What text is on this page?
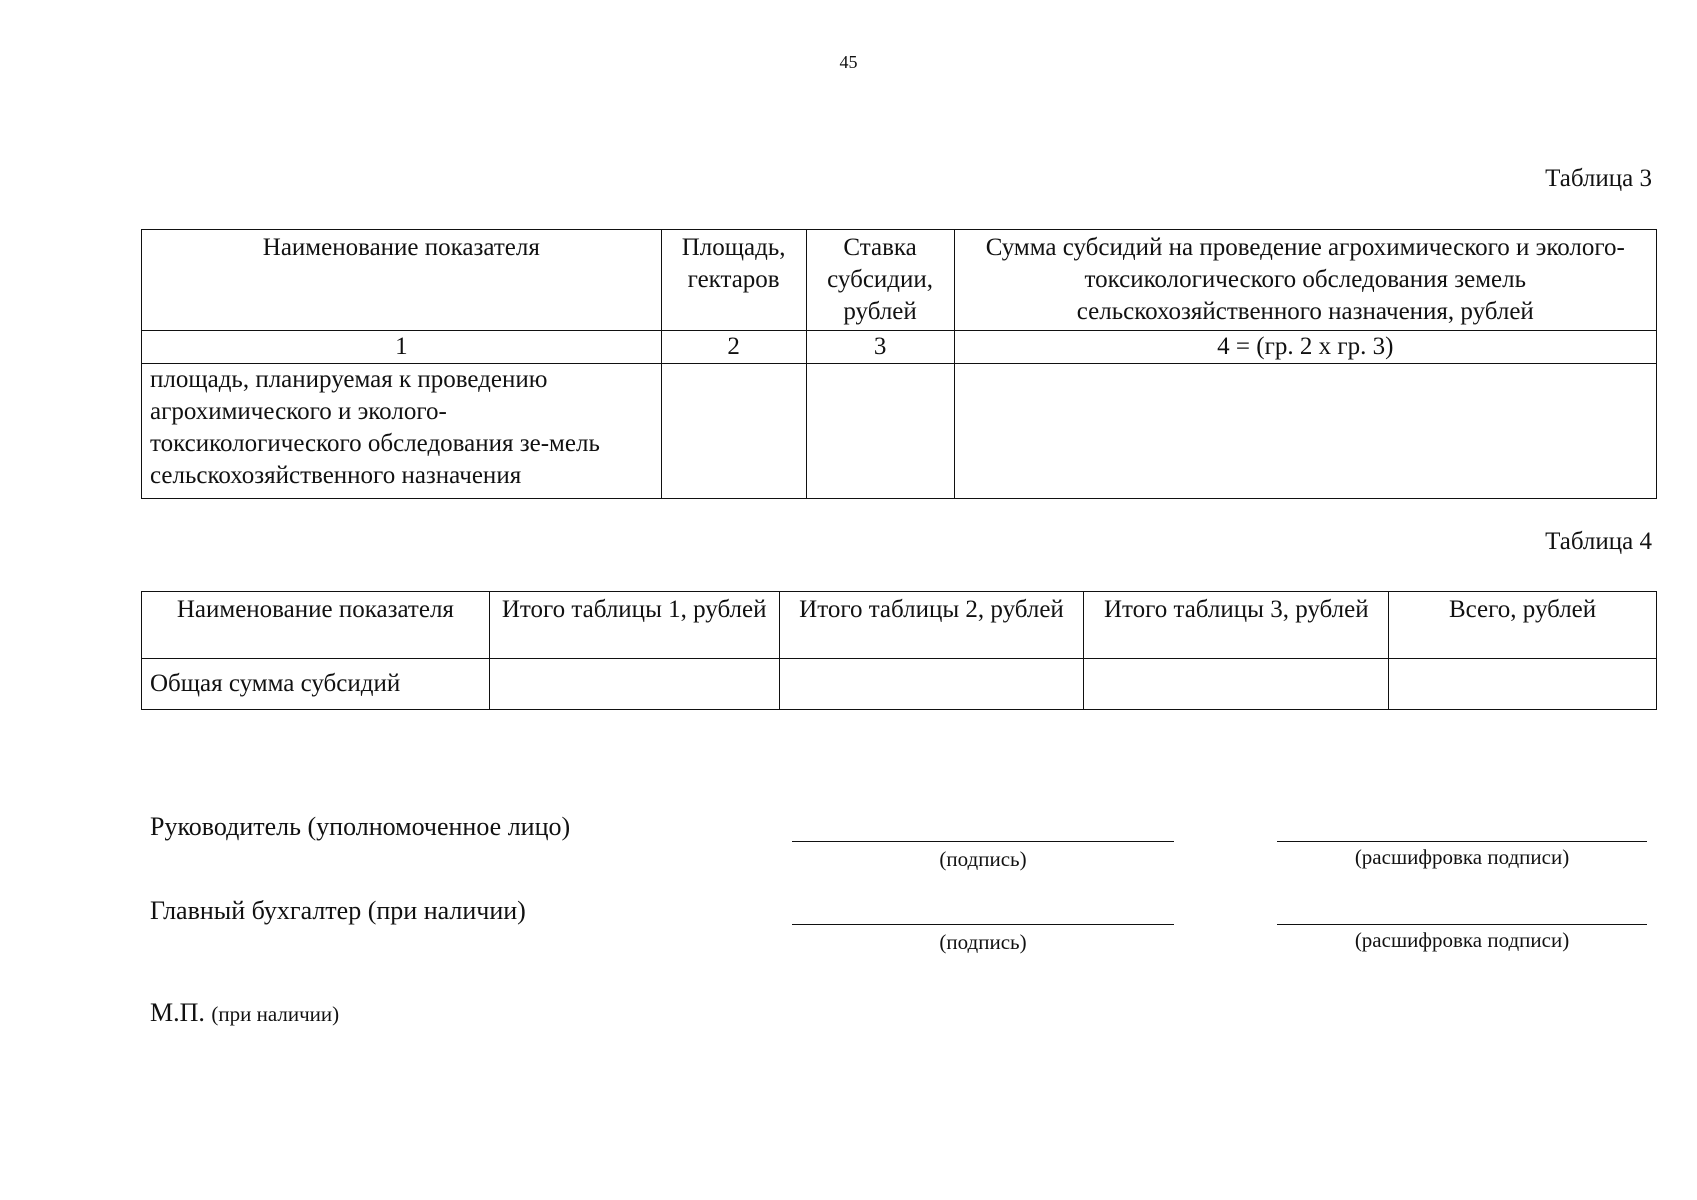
45
Таблица 3
Наименование показателя	Площадь, гектаров	Ставка субсидии, рублей	Сумма субсидий на проведение агрохимического и эколого-токсикологического обследования земель сельскохозяйственного назначения, рублей
1	2	3	4 = (гр. 2 х гр. 3)
площадь, планируемая к проведению агрохимического и эколого-токсикологического обследования зе-мель сельскохозяйственного назначения			
Таблица 4
Наименование показателя	Итого таблицы 1, рублей	Итого таблицы 2, рублей	Итого таблицы 3, рублей	Всего, рублей
Общая сумма субсидий				
Руководитель (уполномоченное лицо)
(подпись)	(расшифровка подписи)
Главный бухгалтер (при наличии)
(подпись)	(расшифровка подписи)
М.П. (при наличии)
